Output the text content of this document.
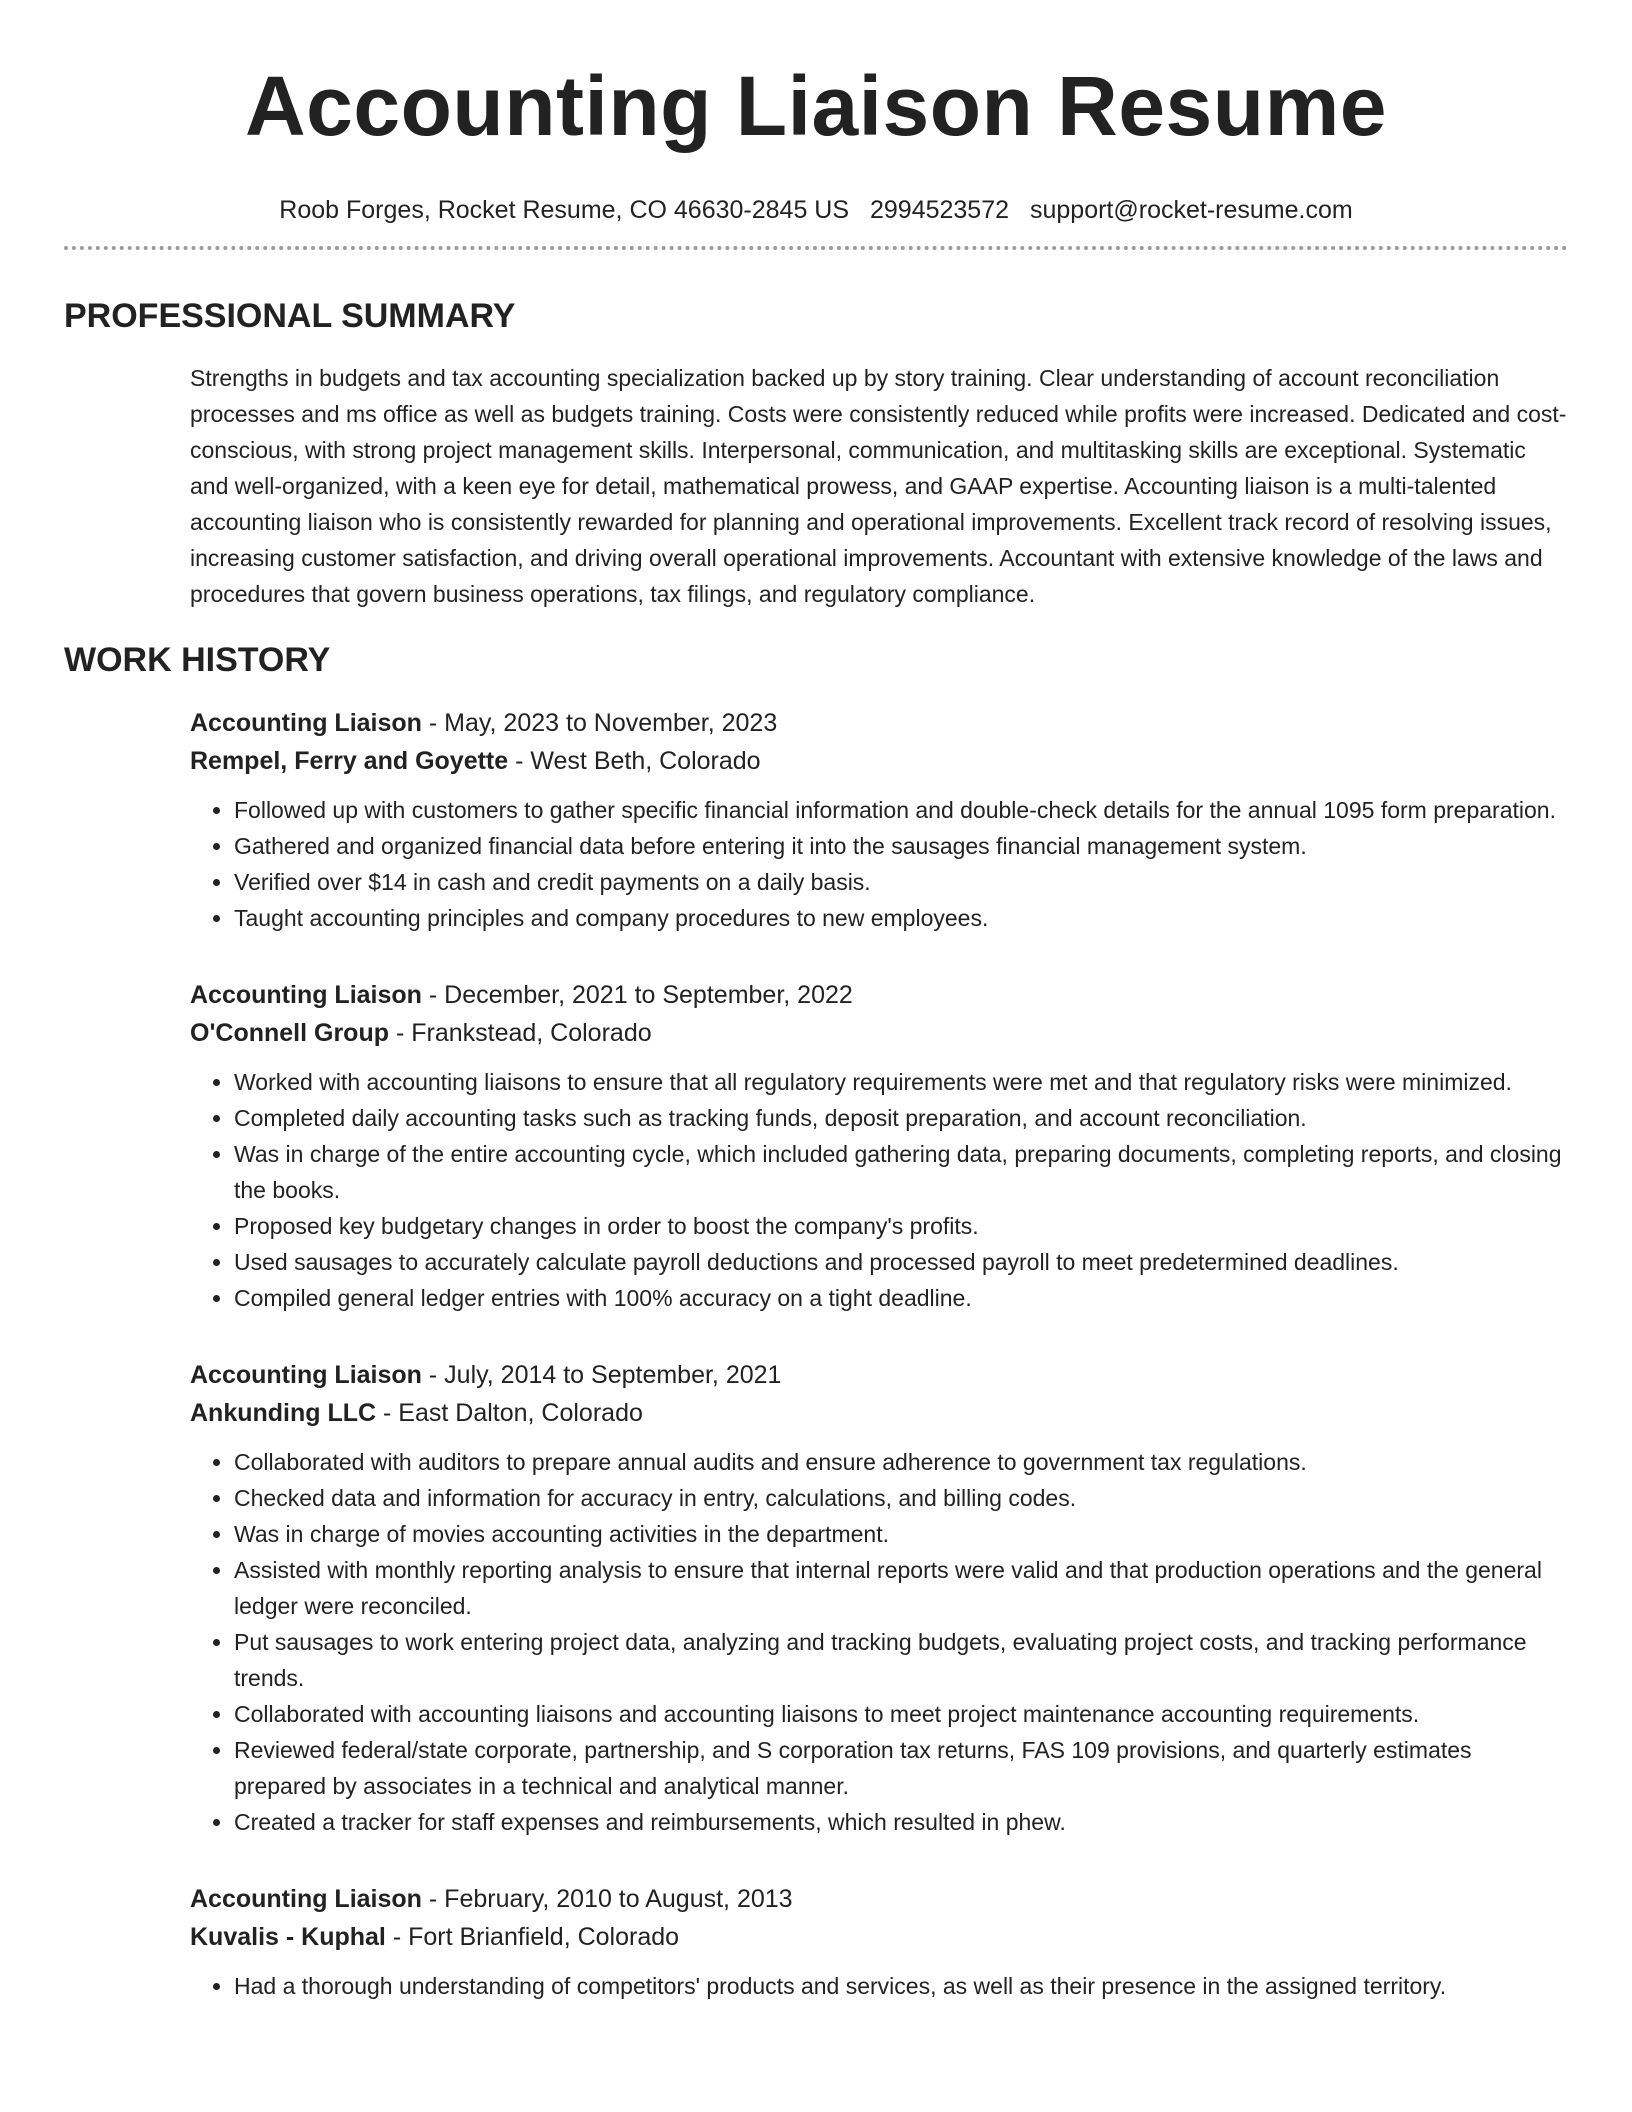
Accounting Liaison Resume
Roob Forges, Rocket Resume, CO 46630-2845 US 2994523572 support@rocket-resume.com
PROFESSIONAL SUMMARY

Strengths in budgets and tax accounting specialization backed up by story training. Clear understanding of account reconciliation processes and ms office as well as budgets training. Costs were consistently reduced while profits were increased. Dedicated and cost-conscious, with strong project management skills. Interpersonal, communication, and multitasking skills are exceptional. Systematic and well-organized, with a keen eye for detail, mathematical prowess, and GAAP expertise. Accounting liaison is a multi-talented accounting liaison who is consistently rewarded for planning and operational improvements. Excellent track record of resolving issues, increasing customer satisfaction, and driving overall operational improvements. Accountant with extensive knowledge of the laws and procedures that govern business operations, tax filings, and regulatory compliance.

WORK HISTORY
Accounting Liaison - May, 2023 to November, 2023
Rempel, Ferry and Goyette - West Beth, Colorado
• Followed up with customers to gather specific financial information and double-check details for the annual 1095 form preparation.
• Gathered and organized financial data before entering it into the sausages financial management system.
• Verified over $14 in cash and credit payments on a daily basis.
• Taught accounting principles and company procedures to new employees.
Accounting Liaison - December, 2021 to September, 2022
O'Connell Group - Frankstead, Colorado
• Worked with accounting liaisons to ensure that all regulatory requirements were met and that regulatory risks were minimized.
• Completed daily accounting tasks such as tracking funds, deposit preparation, and account reconciliation.
• Was in charge of the entire accounting cycle, which included gathering data, preparing documents, completing reports, and closing the books.
• Proposed key budgetary changes in order to boost the company's profits.
• Used sausages to accurately calculate payroll deductions and processed payroll to meet predetermined deadlines.
• Compiled general ledger entries with 100% accuracy on a tight deadline.
Accounting Liaison - July, 2014 to September, 2021
Ankunding LLC - East Dalton, Colorado
• Collaborated with auditors to prepare annual audits and ensure adherence to government tax regulations.
• Checked data and information for accuracy in entry, calculations, and billing codes.
• Was in charge of movies accounting activities in the department.
• Assisted with monthly reporting analysis to ensure that internal reports were valid and that production operations and the general ledger were reconciled.
• Put sausages to work entering project data, analyzing and tracking budgets, evaluating project costs, and tracking performance trends.
• Collaborated with accounting liaisons and accounting liaisons to meet project maintenance accounting requirements.
• Reviewed federal/state corporate, partnership, and S corporation tax returns, FAS 109 provisions, and quarterly estimates prepared by associates in a technical and analytical manner.
• Created a tracker for staff expenses and reimbursements, which resulted in phew.
Accounting Liaison - February, 2010 to August, 2013
Kuvalis - Kuphal - Fort Brianfield, Colorado
• Had a thorough understanding of competitors' products and services, as well as their presence in the assigned territory.
